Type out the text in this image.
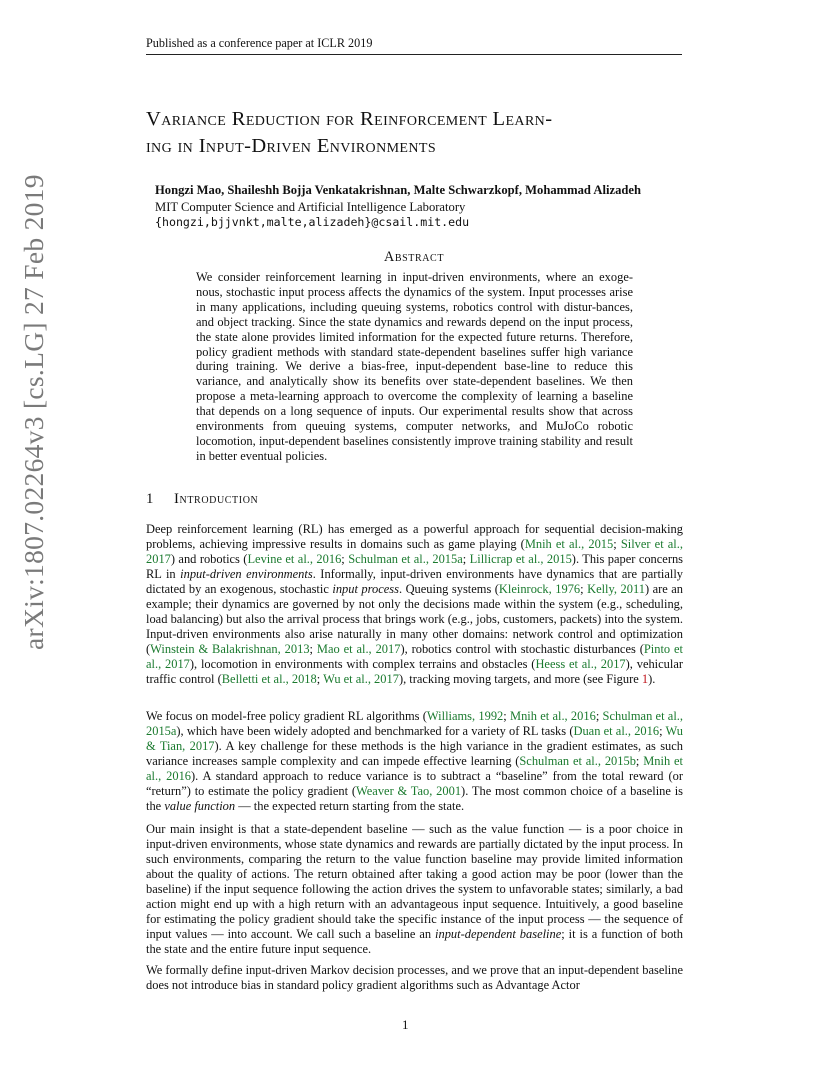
Published as a conference paper at ICLR 2019
arXiv:1807.02264v3 [cs.LG] 27 Feb 2019
Variance Reduction for Reinforcement Learn-
ing in Input-Driven Environments
Hongzi Mao, Shaileshh Bojja Venkatakrishnan, Malte Schwarzkopf, Mohammad Alizadeh
MIT Computer Science and Artificial Intelligence Laboratory
{hongzi,bjjvnkt,malte,alizadeh}@csail.mit.edu
Abstract
We consider reinforcement learning in input-driven environments, where an exoge-nous, stochastic input process affects the dynamics of the system. Input processes arise in many applications, including queuing systems, robotics control with distur-bances, and object tracking. Since the state dynamics and rewards depend on the input process, the state alone provides limited information for the expected future returns. Therefore, policy gradient methods with standard state-dependent baselines suffer high variance during training. We derive a bias-free, input-dependent base-line to reduce this variance, and analytically show its benefits over state-dependent baselines. We then propose a meta-learning approach to overcome the complexity of learning a baseline that depends on a long sequence of inputs. Our experimental results show that across environments from queuing systems, computer networks, and MuJoCo robotic locomotion, input-dependent baselines consistently improve training stability and result in better eventual policies.
1 Introduction
Deep reinforcement learning (RL) has emerged as a powerful approach for sequential decision-making problems, achieving impressive results in domains such as game playing (Mnih et al., 2015; Silver et al., 2017) and robotics (Levine et al., 2016; Schulman et al., 2015a; Lillicrap et al., 2015). This paper concerns RL in input-driven environments. Informally, input-driven environments have dynamics that are partially dictated by an exogenous, stochastic input process. Queuing systems (Kleinrock, 1976; Kelly, 2011) are an example; their dynamics are governed by not only the decisions made within the system (e.g., scheduling, load balancing) but also the arrival process that brings work (e.g., jobs, customers, packets) into the system. Input-driven environments also arise naturally in many other domains: network control and optimization (Winstein & Balakrishnan, 2013; Mao et al., 2017), robotics control with stochastic disturbances (Pinto et al., 2017), locomotion in environments with complex terrains and obstacles (Heess et al., 2017), vehicular traffic control (Belletti et al., 2018; Wu et al., 2017), tracking moving targets, and more (see Figure 1).
We focus on model-free policy gradient RL algorithms (Williams, 1992; Mnih et al., 2016; Schulman et al., 2015a), which have been widely adopted and benchmarked for a variety of RL tasks (Duan et al., 2016; Wu & Tian, 2017). A key challenge for these methods is the high variance in the gradient estimates, as such variance increases sample complexity and can impede effective learning (Schulman et al., 2015b; Mnih et al., 2016). A standard approach to reduce variance is to subtract a “baseline” from the total reward (or “return”) to estimate the policy gradient (Weaver & Tao, 2001). The most common choice of a baseline is the value function — the expected return starting from the state.
Our main insight is that a state-dependent baseline — such as the value function — is a poor choice in input-driven environments, whose state dynamics and rewards are partially dictated by the input process. In such environments, comparing the return to the value function baseline may provide limited information about the quality of actions. The return obtained after taking a good action may be poor (lower than the baseline) if the input sequence following the action drives the system to unfavorable states; similarly, a bad action might end up with a high return with an advantageous input sequence. Intuitively, a good baseline for estimating the policy gradient should take the specific instance of the input process — the sequence of input values — into account. We call such a baseline an input-dependent baseline; it is a function of both the state and the entire future input sequence.
We formally define input-driven Markov decision processes, and we prove that an input-dependent baseline does not introduce bias in standard policy gradient algorithms such as Advantage Actor
1
